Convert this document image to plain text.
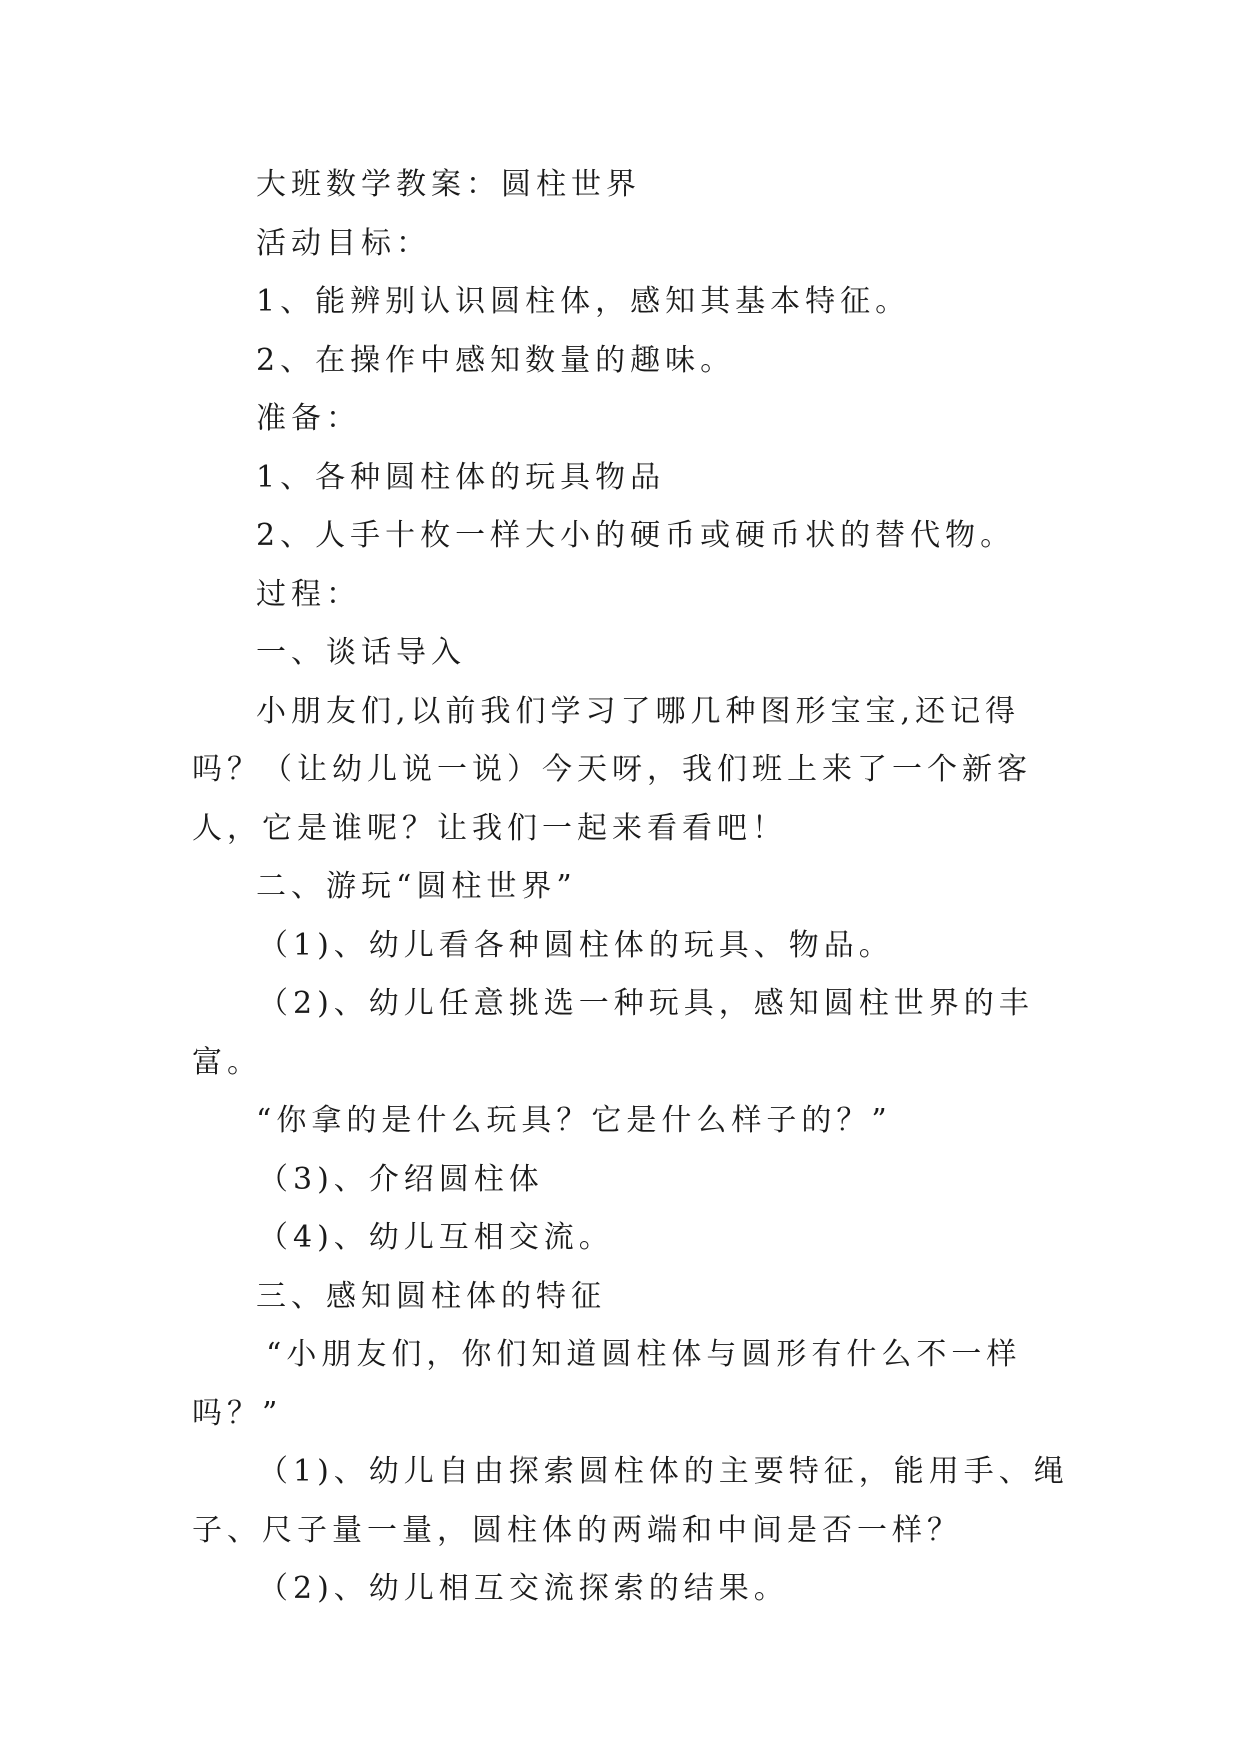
大班数学教案：圆柱世界

活动目标：

1、能辨别认识圆柱体，感知其基本特征。

2、在操作中感知数量的趣味。

准备：

1、各种圆柱体的玩具物品

2、人手十枚一样大小的硬币或硬币状的替代物。

过程：

一、谈话导入

小朋友们,以前我们学习了哪几种图形宝宝,还记得吗？（让幼儿说一说）今天呀，我们班上来了一个新客人，它是谁呢？让我们一起来看看吧！

二、游玩“圆柱世界”

（1)、幼儿看各种圆柱体的玩具、物品。

（2)、幼儿任意挑选一种玩具，感知圆柱世界的丰富。

“你拿的是什么玩具？它是什么样子的？”

（3)、介绍圆柱体

（4)、幼儿互相交流。

三、感知圆柱体的特征

“小朋友们，你们知道圆柱体与圆形有什么不一样吗？”

（1)、幼儿自由探索圆柱体的主要特征，能用手、绳子、尺子量一量，圆柱体的两端和中间是否一样？

（2)、幼儿相互交流探索的结果。
